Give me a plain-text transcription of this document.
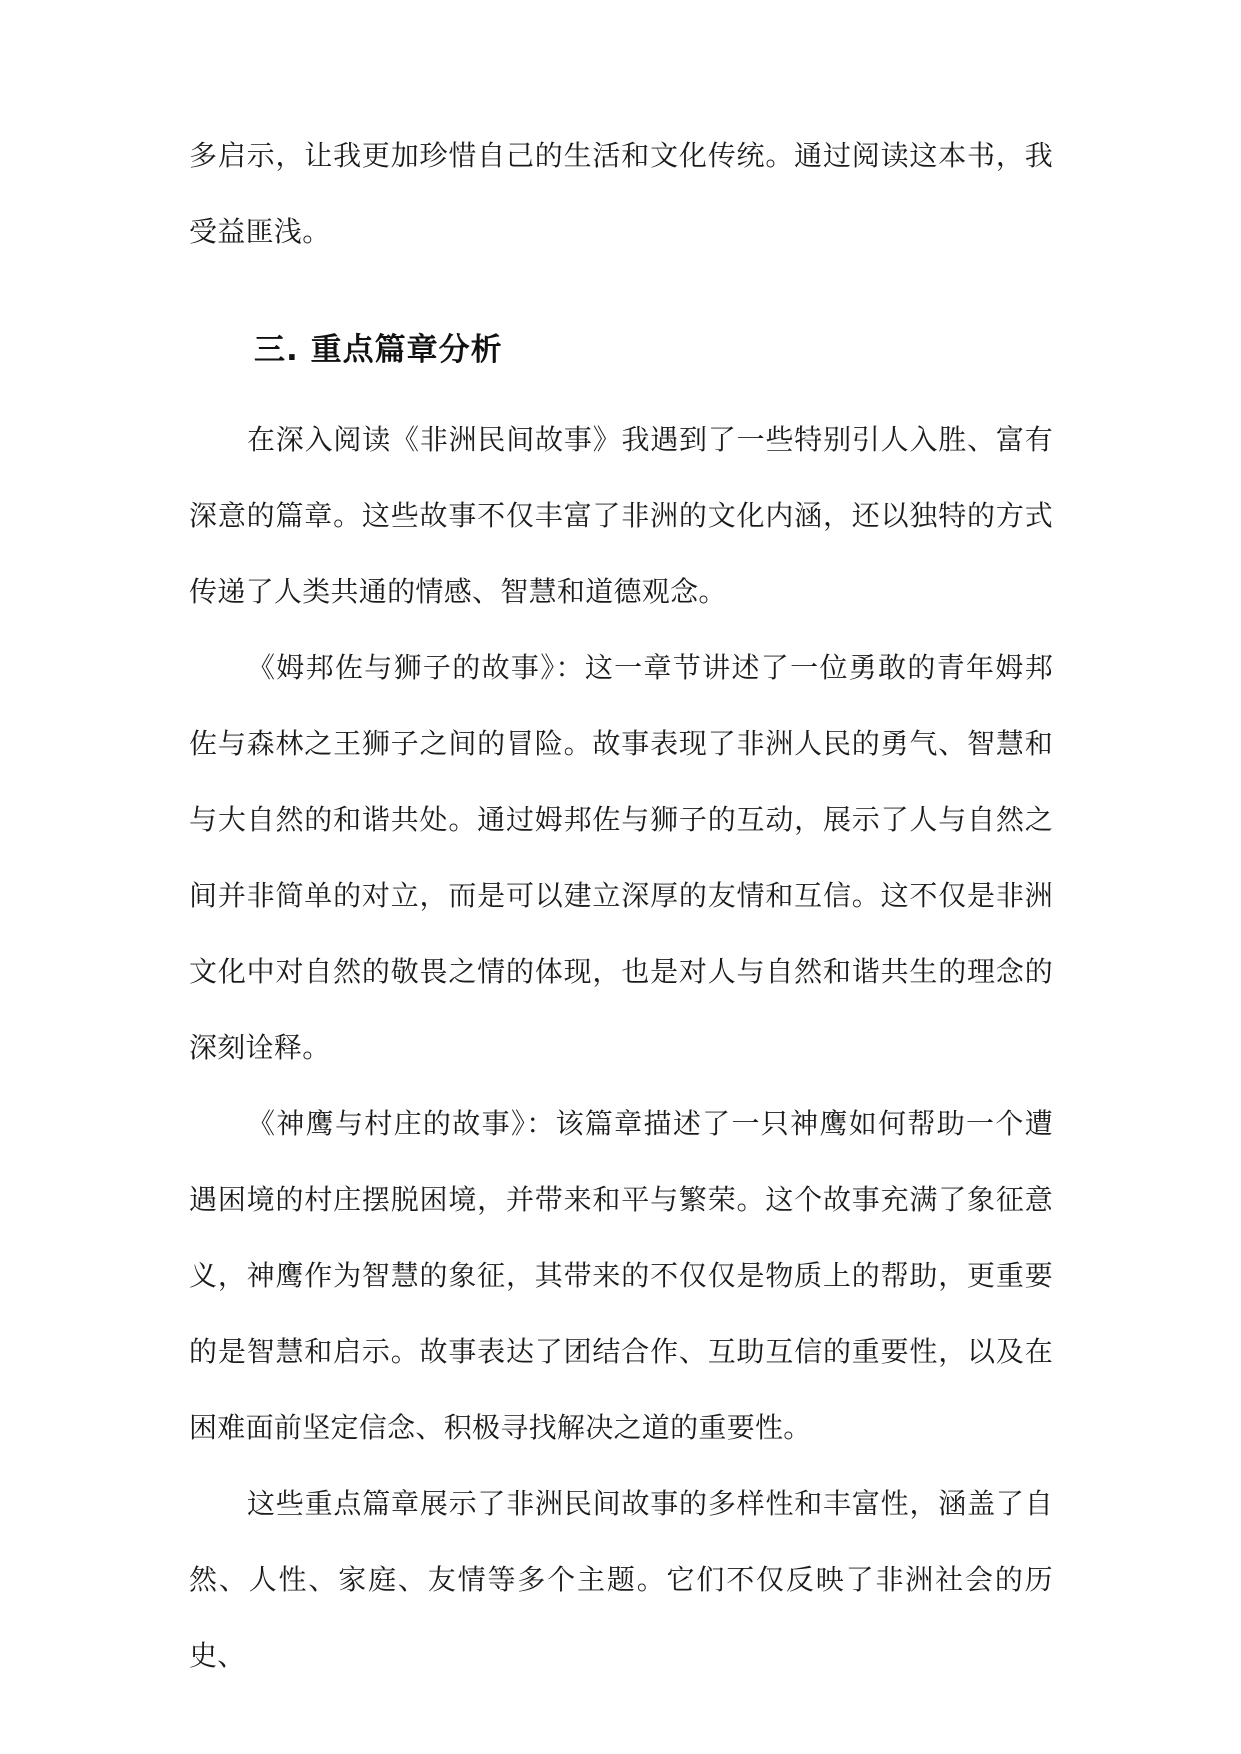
多启示，让我更加珍惜自己的生活和文化传统。通过阅读这本书，我受益匪浅。

三. 重点篇章分析

在深入阅读《非洲民间故事》我遇到了一些特别引人入胜、富有深意的篇章。这些故事不仅丰富了非洲的文化内涵，还以独特的方式传递了人类共通的情感、智慧和道德观念。

《姆邦佐与狮子的故事》：这一章节讲述了一位勇敢的青年姆邦佐与森林之王狮子之间的冒险。故事表现了非洲人民的勇气、智慧和与大自然的和谐共处。通过姆邦佐与狮子的互动，展示了人与自然之间并非简单的对立，而是可以建立深厚的友情和互信。这不仅是非洲文化中对自然的敬畏之情的体现，也是对人与自然和谐共生的理念的深刻诠释。

《神鹰与村庄的故事》：该篇章描述了一只神鹰如何帮助一个遭遇困境的村庄摆脱困境，并带来和平与繁荣。这个故事充满了象征意义，神鹰作为智慧的象征，其带来的不仅仅是物质上的帮助，更重要的是智慧和启示。故事表达了团结合作、互助互信的重要性，以及在困难面前坚定信念、积极寻找解决之道的重要性。

这些重点篇章展示了非洲民间故事的多样性和丰富性，涵盖了自然、人性、家庭、友情等多个主题。它们不仅反映了非洲社会的历史、
